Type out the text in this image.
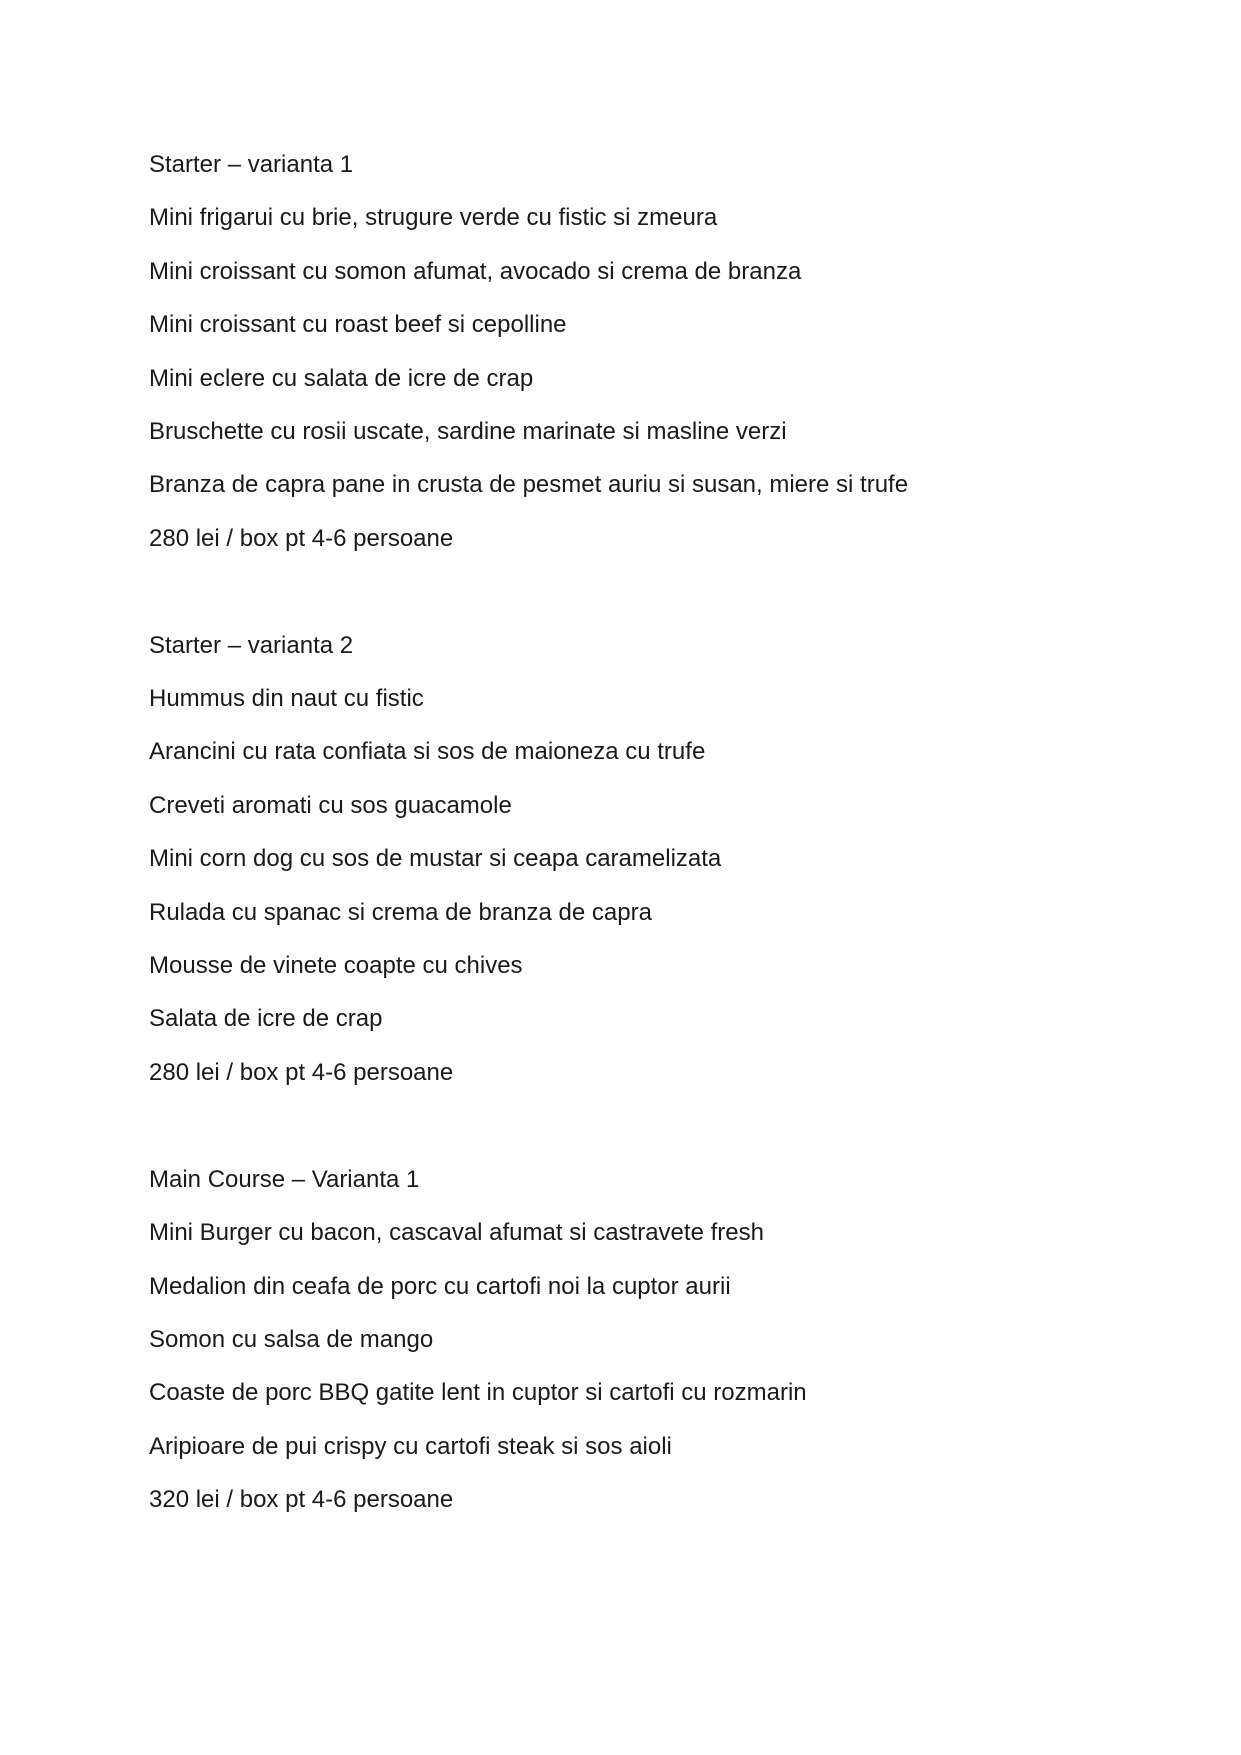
Starter – varianta 1

Mini frigarui cu brie, strugure verde cu fistic si zmeura

Mini croissant cu somon afumat, avocado si crema de branza

Mini croissant cu roast beef si cepolline

Mini eclere cu salata de icre de crap

Bruschette cu rosii uscate, sardine marinate si masline verzi

Branza de capra pane in crusta de pesmet auriu si susan, miere si trufe

280 lei / box pt 4-6 persoane

Starter – varianta 2

Hummus din naut cu fistic

Arancini cu rata confiata si sos de maioneza cu trufe

Creveti aromati cu sos guacamole

Mini corn dog cu sos de mustar si ceapa caramelizata

Rulada cu spanac si crema de branza de capra

Mousse de vinete coapte cu chives

Salata de icre de crap

280 lei / box pt 4-6 persoane

Main Course – Varianta 1

Mini Burger cu bacon, cascaval afumat si castravete fresh

Medalion din ceafa de porc cu cartofi noi la cuptor aurii

Somon cu salsa de mango

Coaste de porc BBQ gatite lent in cuptor si cartofi cu rozmarin

Aripioare de pui crispy cu cartofi steak si sos aioli

320 lei / box pt 4-6 persoane
